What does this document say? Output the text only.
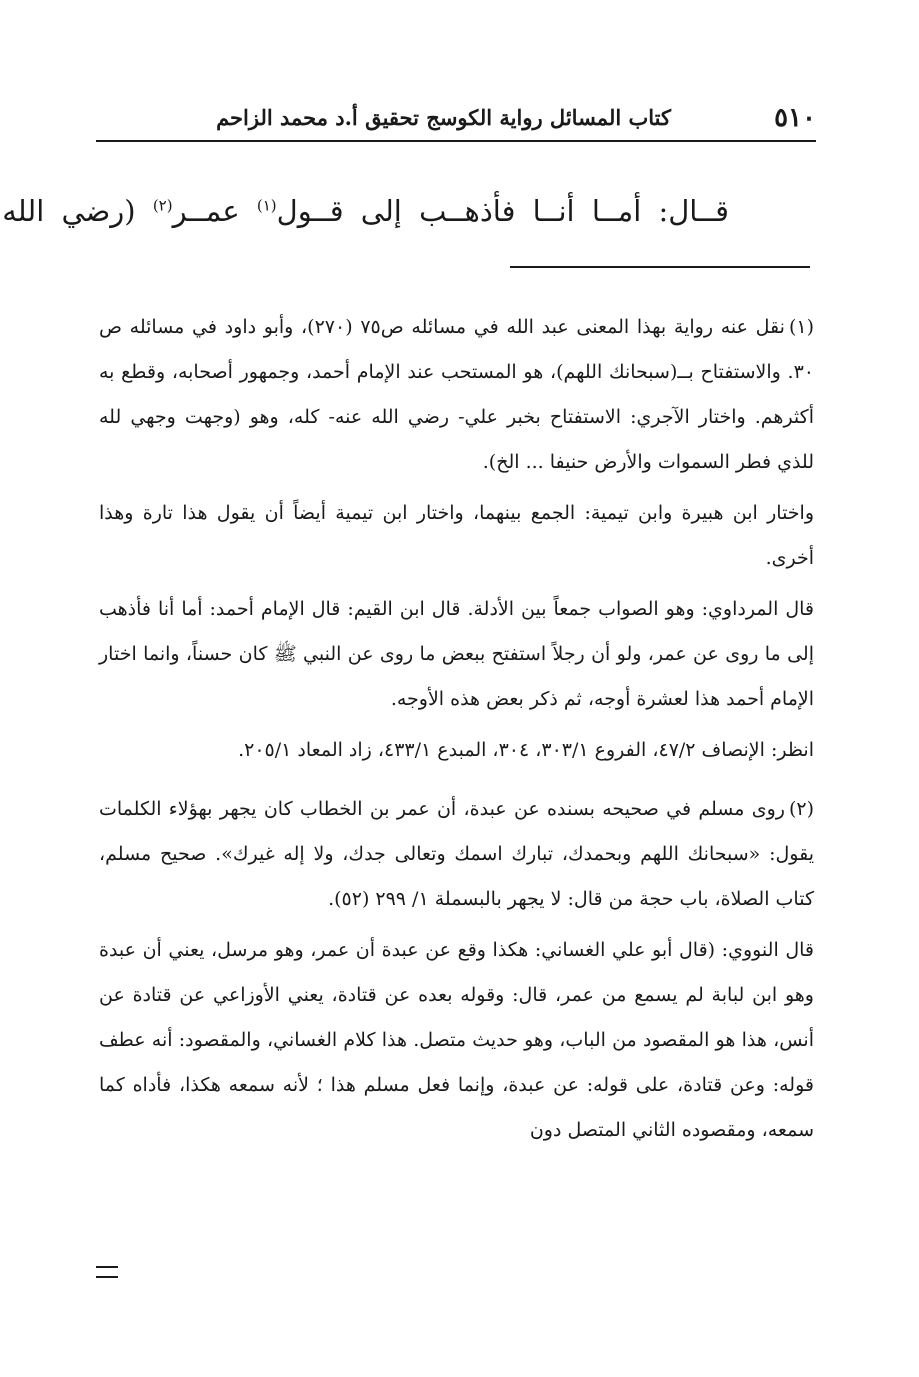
٥١٠
كتاب المسائل رواية الكوسج تحقيق أ.د محمد الزاحم
قــال: أمــا أنــا فأذهــب إلى قــول$^{(١)}$ عمــر$^{(٢)}$ (رضي الله

(١)نقل عنه رواية بهذا المعنى عبد الله في مسائله ص٧٥ (٢٧٠)، وأبو داود في مسائله ص ٣٠. والاستفتاح بــ(سبحانك اللهم)، هو المستحب عند الإمام أحمد، وجمهور أصحابه، وقطع به أكثرهم. واختار الآجري: الاستفتاح بخبر علي- رضي الله عنه- كله، وهو (وجهت وجهي لله للذي فطر السموات والأرض حنيفا ... الخ).

واختار ابن هبيرة وابن تيمية: الجمع بينهما، واختار ابن تيمية أيضاً أن يقول هذا تارة وهذا أخرى.

قال المرداوي: وهو الصواب جمعاً بين الأدلة. قال ابن القيم: قال الإمام أحمد: أما أنا فأذهب إلى ما روى عن عمر، ولو أن رجلاً استفتح ببعض ما روى عن النبي ﷺ كان حسناً، وانما اختار الإمام أحمد هذا لعشرة أوجه، ثم ذكر بعض هذه الأوجه.

انظر: الإنصاف ٤٧/٢، الفروع ٣٠٣/١، ٣٠٤، المبدع ٤٣٣/١، زاد المعاد ٢٠٥/١.

(٢)روى مسلم في صحيحه بسنده عن عبدة، أن عمر بن الخطاب كان يجهر بهؤلاء الكلمات يقول: «سبحانك اللهم وبحمدك، تبارك اسمك وتعالى جدك، ولا إله غيرك». صحيح مسلم، كتاب الصلاة، باب حجة من قال: لا يجهر بالبسملة ١/ ٢٩٩ (٥٢).

قال النووي: (قال أبو علي الغساني: هكذا وقع عن عبدة أن عمر، وهو مرسل، يعني أن عبدة وهو ابن لبابة لم يسمع من عمر، قال: وقوله بعده عن قتادة، يعني الأوزاعي عن قتادة عن أنس، هذا هو المقصود من الباب، وهو حديث متصل. هذا كلام الغساني، والمقصود: أنه عطف قوله: وعن قتادة، على قوله: عن عبدة، وإنما فعل مسلم هذا ؛ لأنه سمعه هكذا، فأداه كما سمعه، ومقصوده الثاني المتصل دون
